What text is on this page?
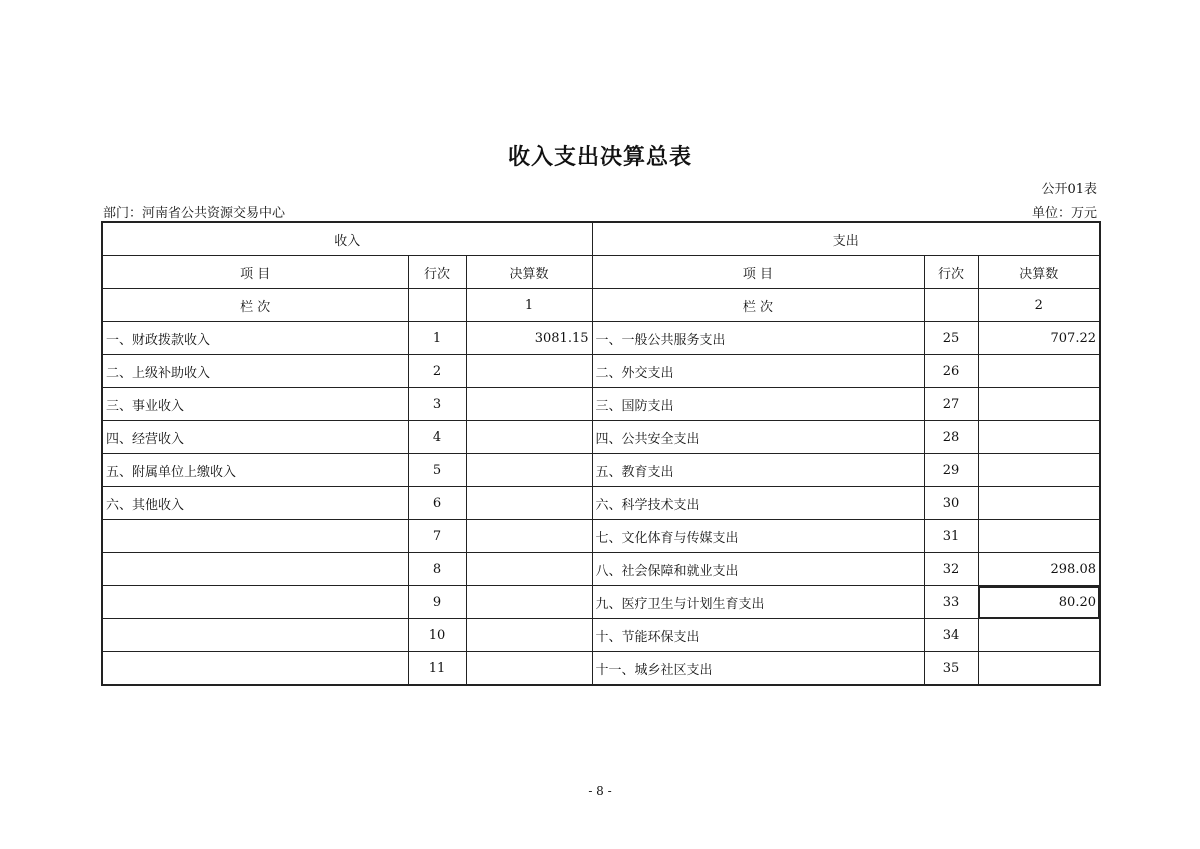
收入支出决算总表
公开01表
部门：河南省公共资源交易中心	单位：万元
收入			支出		
项 目	行次	决算数	项 目	行次	决算数
栏 次		1	栏 次		2
一、财政拨款收入	1	3081.15	一、一般公共服务支出	25	707.22
二、上级补助收入	2		二、外交支出	26	
三、事业收入	3		三、国防支出	27	
四、经营收入	4		四、公共安全支出	28	
五、附属单位上缴收入	5		五、教育支出	29	
六、其他收入	6		六、科学技术支出	30	
	7		七、文化体育与传媒支出	31	
	8		八、社会保障和就业支出	32	298.08
	9		九、医疗卫生与计划生育支出	33	80.20
	10		十、节能环保支出	34	
	11		十一、城乡社区支出	35	
- 8 -
